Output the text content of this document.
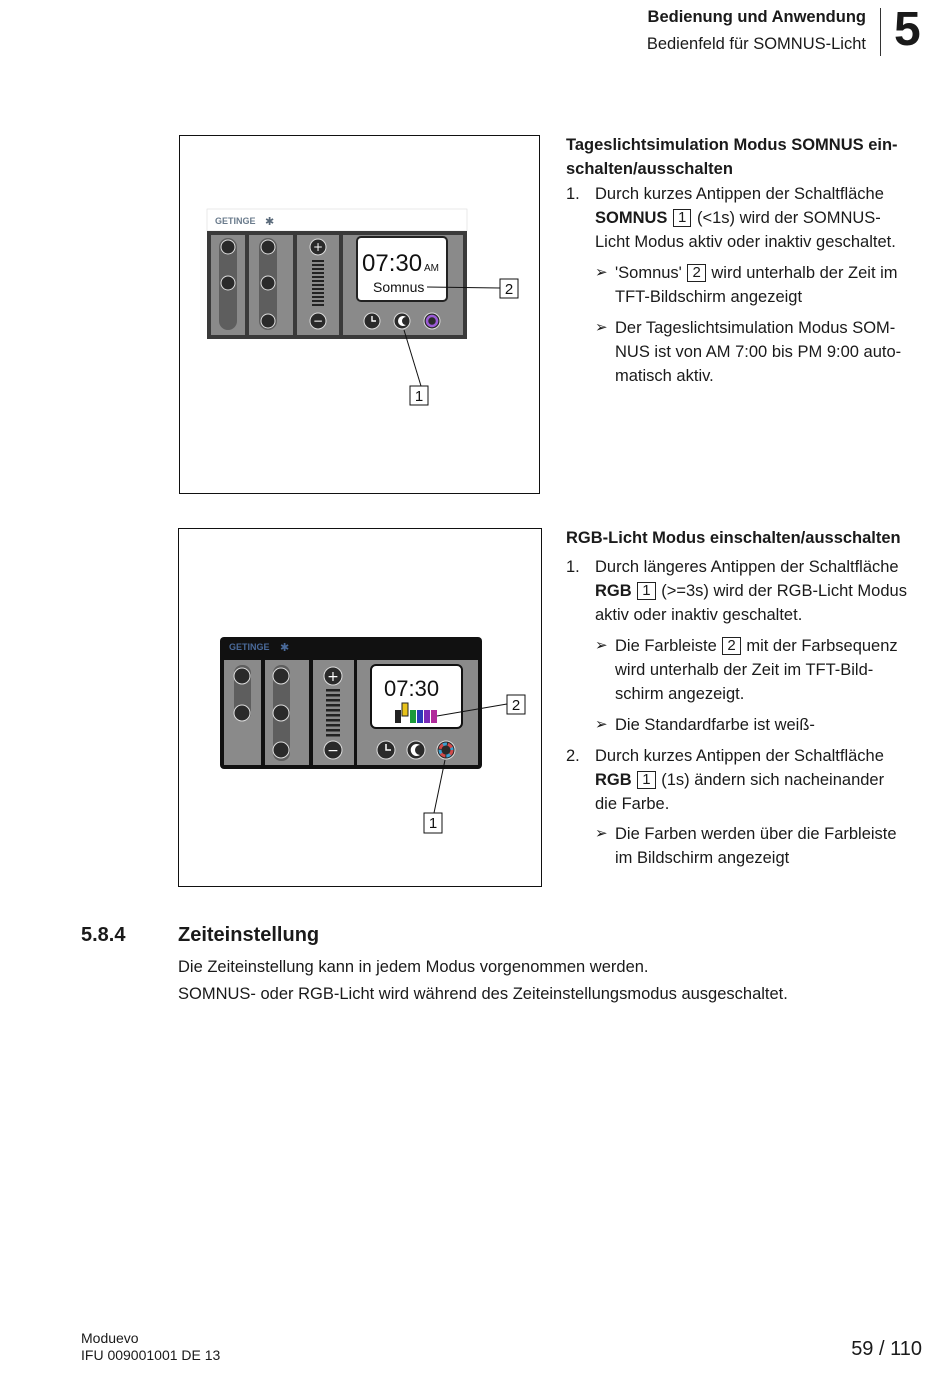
Bedienung und Anwendung
Bedienfeld für SOMNUS-Licht 5
GETINGE ✱
+
−
07:30 AM
Somnus	2
1
Tageslichtsimulation Modus SOMNUS ein-
schalten/ausschalten
1. Durch kurzes Antippen der Schaltfläche
SOMNUS 1 (<1s) wird der SOMNUS-
Licht Modus aktiv oder inaktiv geschaltet.
➢ 'Somnus' 2 wird unterhalb der Zeit im
TFT-Bildschirm angezeigt
➢ Der Tageslichtsimulation Modus SOM-
NUS ist von AM 7:00 bis PM 9:00 auto-
matisch aktiv.
GETINGE ✱
+
−
07:30
2
1
RGB-Licht Modus einschalten/ausschalten
1. Durch längeres Antippen der Schaltfläche
RGB 1 (>=3s) wird der RGB-Licht Modus
aktiv oder inaktiv geschaltet.
➢ Die Farbleiste 2 mit der Farbsequenz
wird unterhalb der Zeit im TFT-Bild-
schirm angezeigt.
➢ Die Standardfarbe ist weiß-
2. Durch kurzes Antippen der Schaltfläche
RGB 1 (1s) ändern sich nacheinander
die Farbe.
➢ Die Farben werden über die Farbleiste
im Bildschirm angezeigt
5.8.4	Zeiteinstellung
Die Zeiteinstellung kann in jedem Modus vorgenommen werden.
SOMNUS- oder RGB-Licht wird während des Zeiteinstellungsmodus ausgeschaltet.
Moduevo
IFU 009001001 DE 13	59 / 110
